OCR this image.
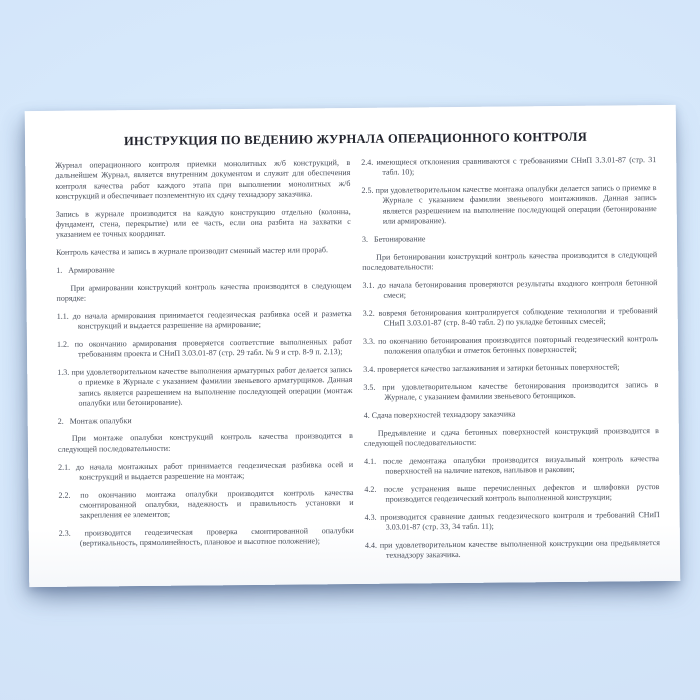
ИНСТРУКЦИЯ ПО ВЕДЕНИЮ ЖУРНАЛА ОПЕРАЦИОННОГО КОНТРОЛЯ
Журнал операционного контроля приемки монолитных ж/б конструкций, в дальнейшем Журнал, является внутренним документом и служит для обеспечения контроля качества работ каждого этапа при выполнении монолитных ж/б конструкций и обеспечивает поэлементную их сдачу технадзору заказчика.
Запись в журнале производится на каждую конструкцию отдельно (колонна, фундамент, стена, перекрытие) или ее часть, если она разбита на захватки с указанием ее точных координат.
Контроль качества и запись в журнале производит сменный мастер или прораб.
1.   Армирование
При армировании конструкций контроль качества производится в следующем порядке:
1.1. до начала армирования принимается геодезическая разбивка осей и разметка конструкций и выдается разрешение на армирование;
1.2. по окончанию армирования проверяется соответствие выполненных работ требованиям проекта и СНиП 3.03.01-87 (стр. 29 табл. № 9 и стр. 8-9 п. 2.13);
1.3. при удовлетворительном качестве выполнения арматурных работ делается запись о приемке в Журнале с указанием фамилии звеньевого арматурщиков. Данная запись является разрешением на выполнение последующей операции (монтаж опалубки или бетонирование).
2.   Монтаж опалубки
При монтаже опалубки конструкций контроль качества производится в следующей последовательности:
2.1. до начала монтажных работ принимается геодезическая разбивка осей и конструкций и выдается разрешение на монтаж;
2.2. по окончанию монтажа опалубки производится контроль качества смонтированной опалубки, надежность и правильность установки и закрепления ее элементов;
2.3. производится геодезическая проверка смонтированной опалубки (вертикальность, прямолинейность, плановое и высотное положение);
2.4. имеющиеся отклонения сравниваются с требованиями СНиП 3.3.01-87 (стр. 31 табл. 10);
2.5. при удовлетворительном качестве монтажа опалубки делается запись о приемке в Журнале с указанием фамилии звеньевого монтажников. Данная запись является разрешением на выполнение последующей операции (бетонирование или армирование).
3.   Бетонирование
При бетонировании конструкций контроль качества производится в следующей последовательности:
3.1. до начала бетонирования проверяются результаты входного контроля бетонной смеси;
3.2. вовремя бетонирования контролируется соблюдение технологии и требований СНиП 3.03.01-87 (стр. 8-40 табл. 2) по укладке бетонных смесей;
3.3. по окончанию бетонирования производится повторный геодезический контроль положения опалубки и отметок бетонных поверхностей;
3.4. проверяется качество заглаживания и затирки бетонных поверхностей;
3.5. при удовлетворительном качестве бетонирования производится запись в Журнале, с указанием фамилии звеньевого бетонщиков.
4. Сдача поверхностей технадзору заказчика
Предъявление и сдача бетонных поверхностей конструкций производится в следующей последовательности:
4.1. после демонтажа опалубки производится визуальный контроль качества поверхностей на наличие натеков, наплывов и раковин;
4.2. после устранения выше перечисленных дефектов и шлифовки рустов производится геодезический контроль выполненной конструкции;
4.3. производится сравнение данных геодезического контроля и требований СНиП 3.03.01-87 (стр. 33, 34 табл. 11);
4.4. при удовлетворительном качестве выполненной конструкции она предъявляется технадзору заказчика.
